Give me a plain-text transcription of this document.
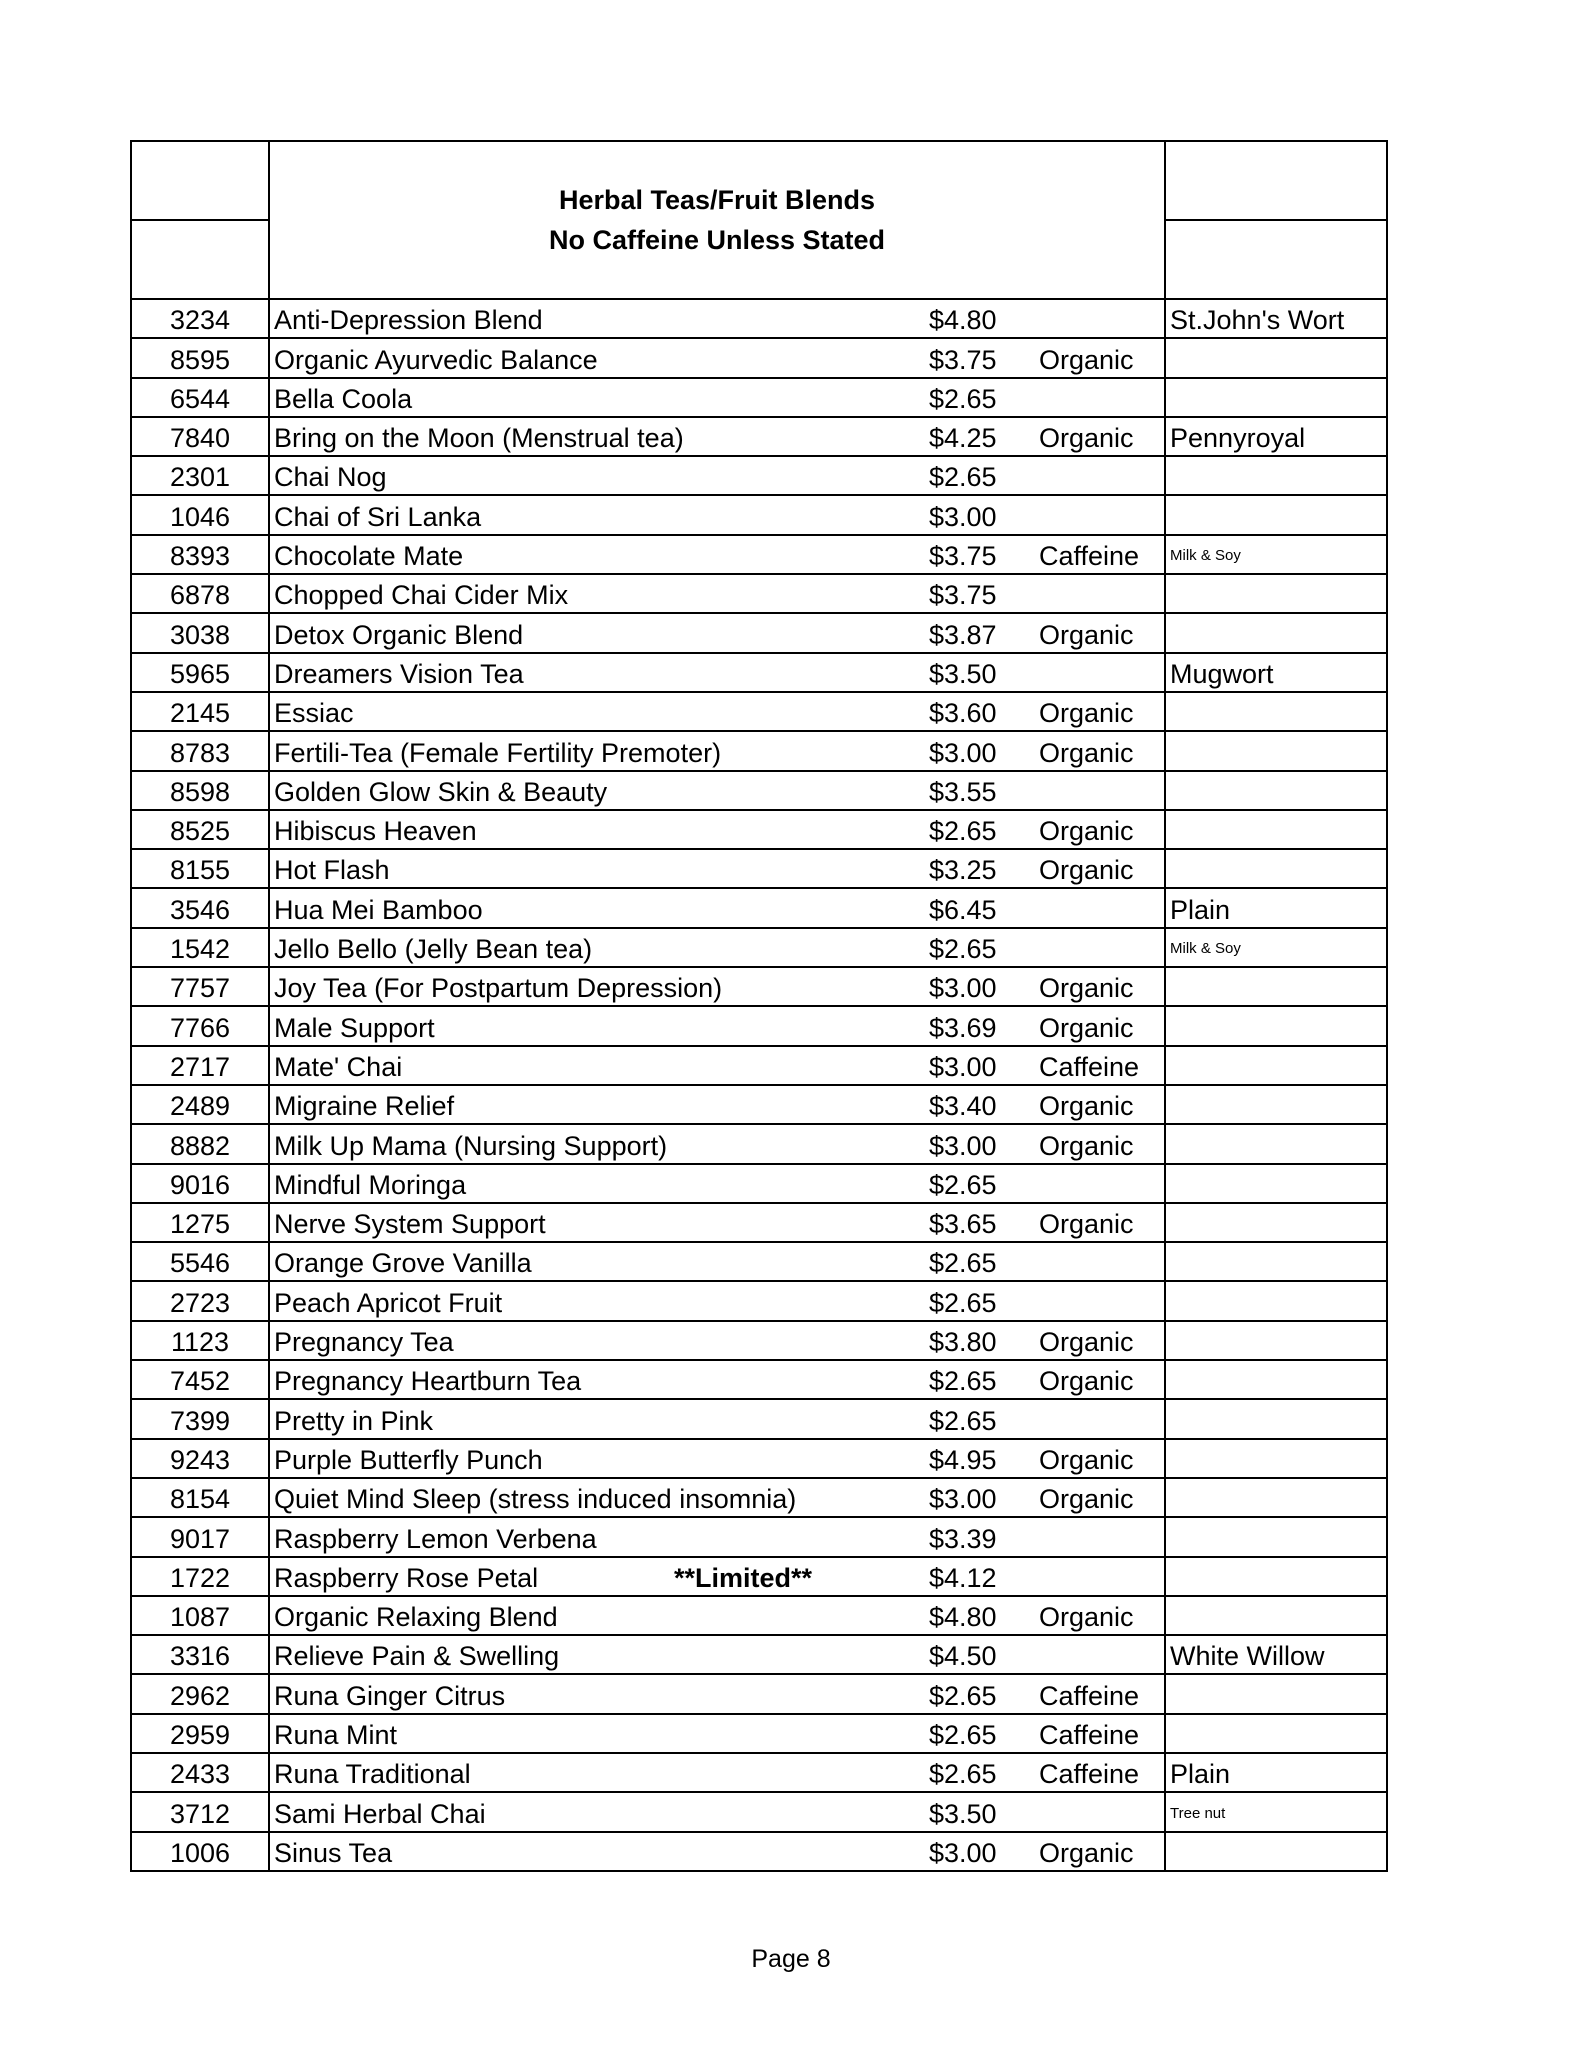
	Herbal Teas/Fruit Blends
No Caffeine Unless Stated			

3234	Anti-Depression Blend	$4.80		St.John's Wort
8595	Organic Ayurvedic Balance	$3.75	Organic	
6544	Bella Coola	$2.65		
7840	Bring on the Moon (Menstrual tea)	$4.25	Organic	Pennyroyal
2301	Chai Nog	$2.65		
1046	Chai of Sri Lanka	$3.00		
8393	Chocolate Mate	$3.75	Caffeine	Milk & Soy
6878	Chopped Chai Cider Mix	$3.75		
3038	Detox Organic Blend	$3.87	Organic	
5965	Dreamers Vision Tea	$3.50		Mugwort
2145	Essiac	$3.60	Organic	
8783	Fertili-Tea (Female Fertility Premoter)	$3.00	Organic	
8598	Golden Glow Skin & Beauty	$3.55		
8525	Hibiscus Heaven	$2.65	Organic	
8155	Hot Flash	$3.25	Organic	
3546	Hua Mei Bamboo	$6.45		Plain
1542	Jello Bello (Jelly Bean tea)	$2.65		Milk & Soy
7757	Joy Tea (For Postpartum Depression)	$3.00	Organic	
7766	Male Support	$3.69	Organic	
2717	Mate' Chai	$3.00	Caffeine	
2489	Migraine Relief	$3.40	Organic	
8882	Milk Up Mama (Nursing Support)	$3.00	Organic	
9016	Mindful Moringa	$2.65		
1275	Nerve System Support	$3.65	Organic	
5546	Orange Grove Vanilla	$2.65		
2723	Peach Apricot Fruit	$2.65		
1123	Pregnancy Tea	$3.80	Organic	
7452	Pregnancy Heartburn Tea	$2.65	Organic	
7399	Pretty in Pink	$2.65		
9243	Purple Butterfly Punch	$4.95	Organic	
8154	Quiet Mind Sleep (stress induced insomnia)	$3.00	Organic	
9017	Raspberry Lemon Verbena	$3.39		
1722	Raspberry Rose Petal **Limited**	$4.12		
1087	Organic Relaxing Blend	$4.80	Organic	
3316	Relieve Pain & Swelling	$4.50		White Willow
2962	Runa Ginger Citrus	$2.65	Caffeine	
2959	Runa Mint	$2.65	Caffeine	
2433	Runa Traditional	$2.65	Caffeine	Plain
3712	Sami Herbal Chai	$3.50		Tree nut
1006	Sinus Tea	$3.00	Organic	
Page 8
